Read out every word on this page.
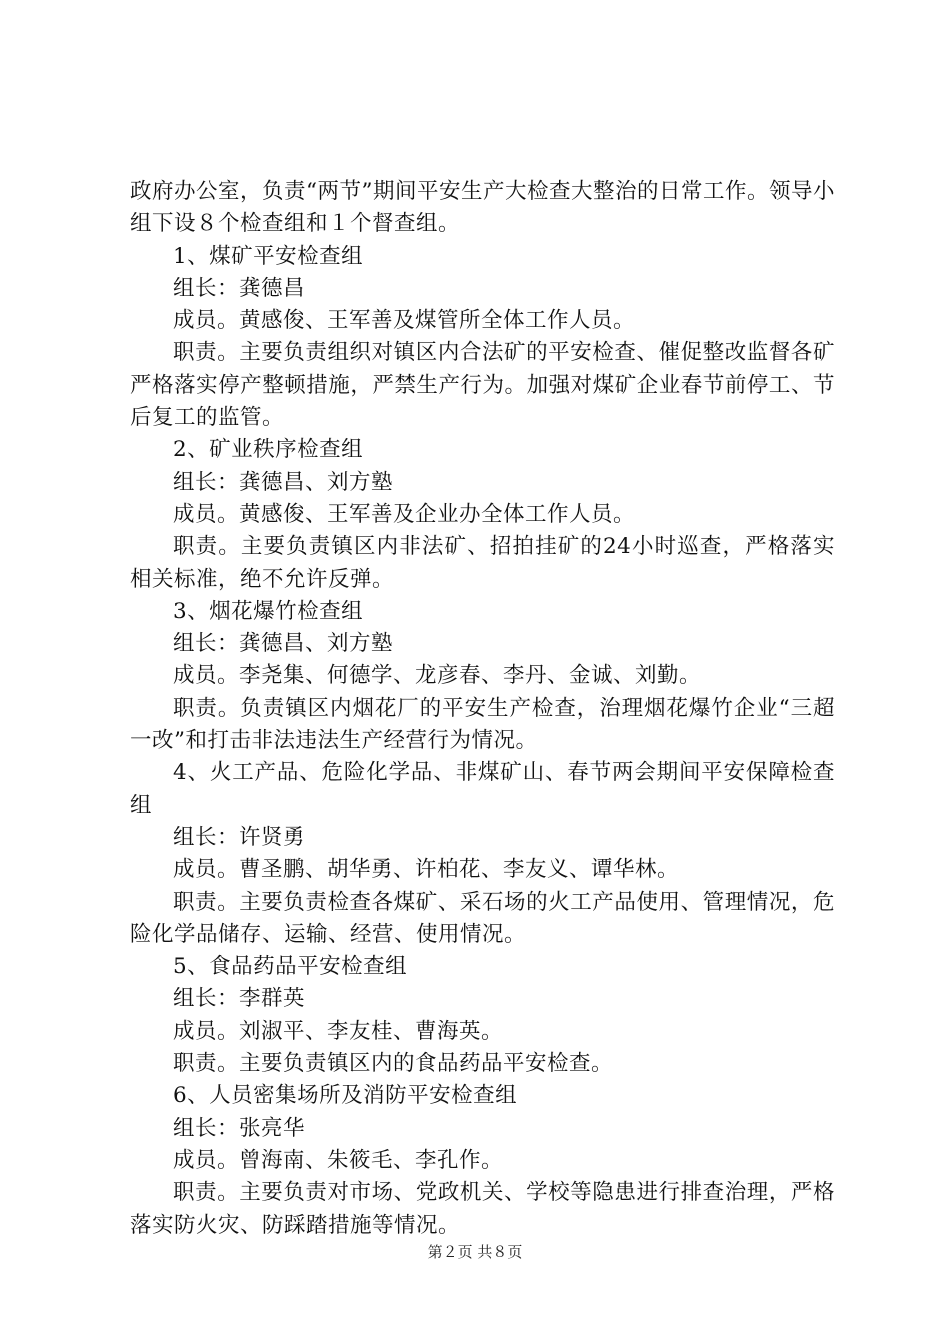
政府办公室，负责“两节”期间平安生产大检查大整治的日常工作。领导小组下设８个检查组和１个督查组。

1、煤矿平安检查组

组长：龚德昌

成员。黄感俊、王军善及煤管所全体工作人员。

职责。主要负责组织对镇区内合法矿的平安检查、催促整改监督各矿严格落实停产整顿措施，严禁生产行为。加强对煤矿企业春节前停工、节后复工的监管。

2、矿业秩序检查组

组长：龚德昌、刘方塾

成员。黄感俊、王军善及企业办全体工作人员。

职责。主要负责镇区内非法矿、招拍挂矿的24小时巡查，严格落实相关标准，绝不允许反弹。

3、烟花爆竹检查组

组长：龚德昌、刘方塾

成员。李尧集、何德学、龙彦春、李丹、金诚、刘勤。

职责。负责镇区内烟花厂的平安生产检查，治理烟花爆竹企业“三超一改”和打击非法违法生产经营行为情况。

4、火工产品、危险化学品、非煤矿山、春节两会期间平安保障检查组

组长：许贤勇

成员。曹圣鹏、胡华勇、许柏花、李友义、谭华林。

职责。主要负责检查各煤矿、采石场的火工产品使用、管理情况，危险化学品储存、运输、经营、使用情况。

5、食品药品平安检查组

组长：李群英

成员。刘淑平、李友桂、曹海英。

职责。主要负责镇区内的食品药品平安检查。

6、人员密集场所及消防平安检查组

组长：张亮华

成员。曾海南、朱筱毛、李孔作。

职责。主要负责对市场、党政机关、学校等隐患进行排查治理，严格落实防火灾、防踩踏措施等情况。

第２页 共８页
